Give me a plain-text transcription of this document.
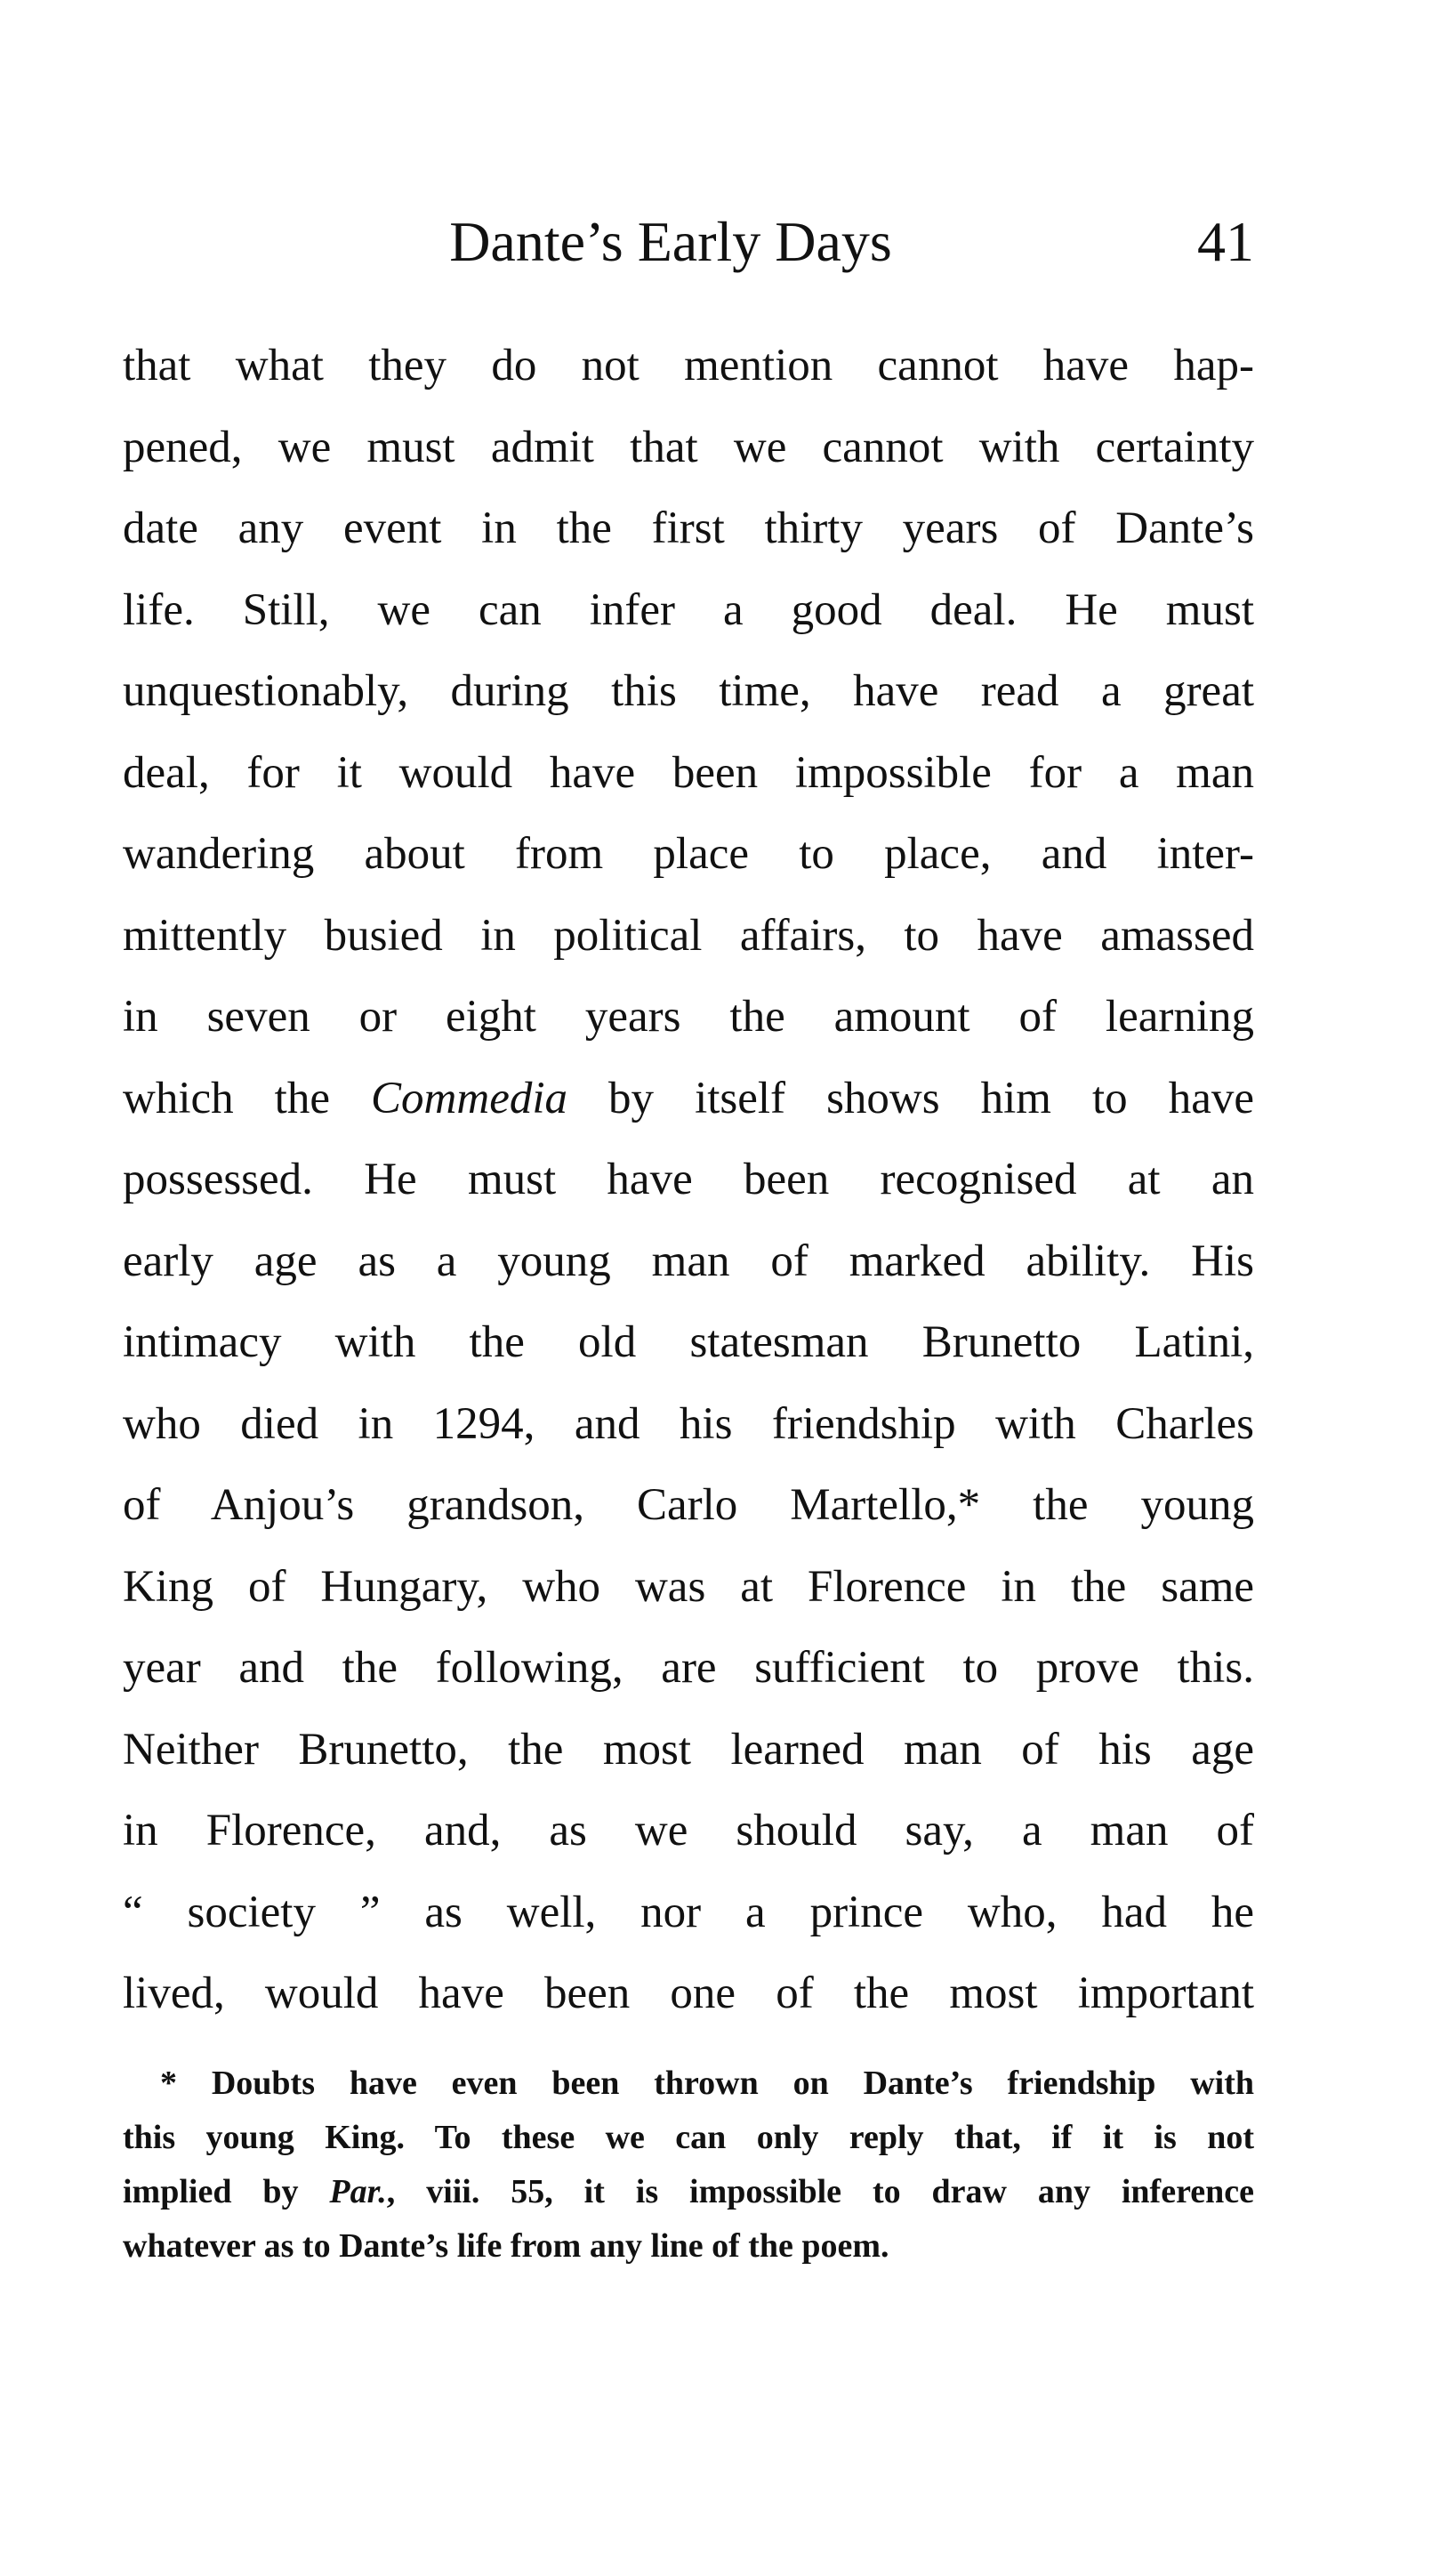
Dante’s Early Days	41
that what they do not mention cannot have hap-
pened, we must admit that we cannot with certainty
date any event in the first thirty years of Dante’s
life. Still, we can infer a good deal. He must
unquestionably, during this time, have read a great
deal, for it would have been impossible for a man
wandering about from place to place, and inter-
mittently busied in political affairs, to have amassed
in seven or eight years the amount of learning
which the Commedia by itself shows him to have
possessed. He must have been recognised at an
early age as a young man of marked ability. His
intimacy with the old statesman Brunetto Latini,
who died in 1294, and his friendship with Charles
of Anjou’s grandson, Carlo Martello,* the young
King of Hungary, who was at Florence in the same
year and the following, are sufficient to prove this.
Neither Brunetto, the most learned man of his age
in Florence, and, as we should say, a man of
“ society ” as well, nor a prince who, had he
lived, would have been one of the most important
* Doubts have even been thrown on Dante’s friendship with
this young King. To these we can only reply that, if it is not
implied by Par., viii. 55, it is impossible to draw any inference
whatever as to Dante’s life from any line of the poem.
